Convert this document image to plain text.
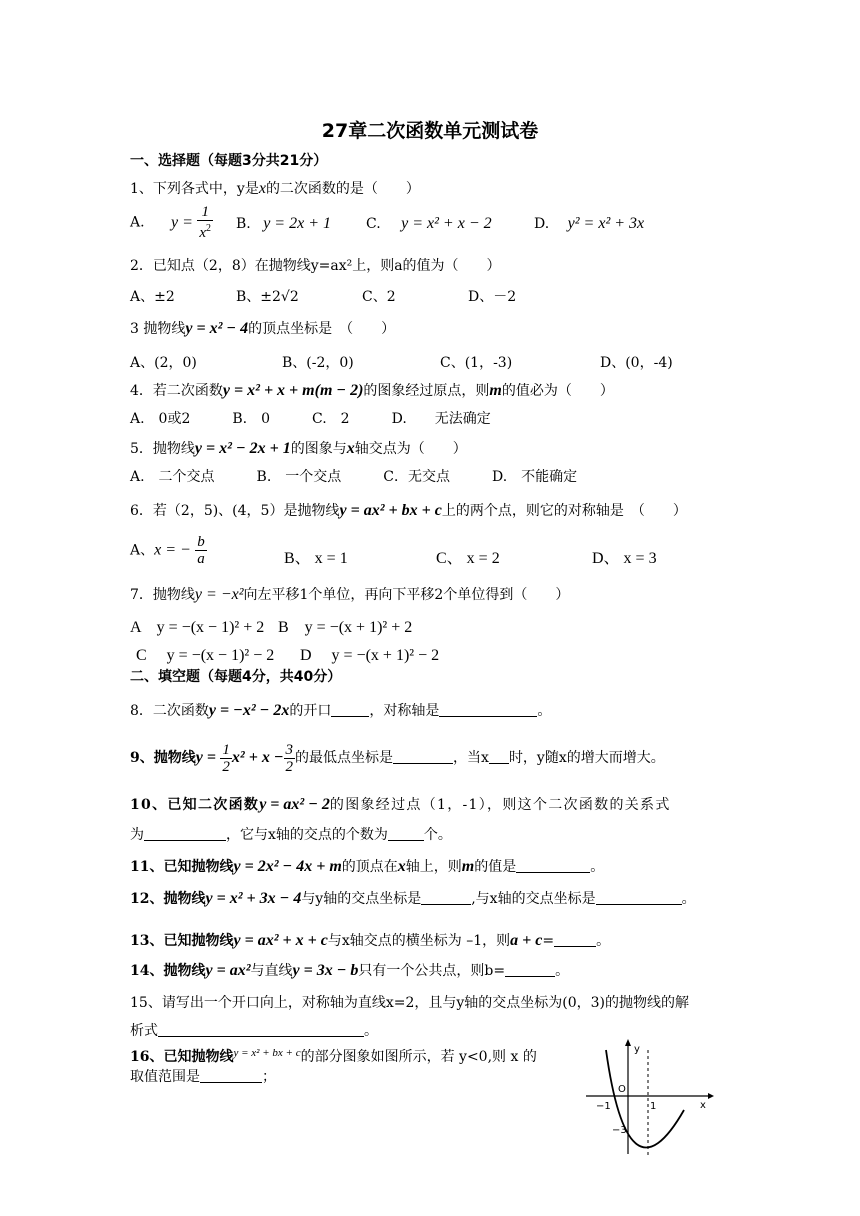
27章二次函数单元测试卷
一、选择题（每题3分共21分）
1、下列各式中，y是x的二次函数的是（　　）
A. $y = \frac{1}{x^2} B$. y = 2x + 1	C. y = x² + x − 2	D. y² = x² + 3x
2．已知点（2，8）在抛物线y=ax²上，则a的值为（　　）
A、±2	B、±2√2	C、2	D、－2
3 抛物线y = x² − 4的顶点坐标是　（　　）
A、(2，0)	B、(-2，0)	C、(1，-3)	D、(0，-4)
4．若二次函数y = x² + x + m(m − 2)的图象经过原点，则m的值必为（　　）
A.　0或2　　　B.　0　　　C.　2　　　D.　　无法确定
5．抛物线y = x² − 2x + 1的图象与x轴交点为（　　）
A.　二个交点　　　B.　一个交点　　　C．无交点　　　D.　不能确定
6．若（2，5)、(4，5）是抛物线y = ax² + bx + c上的两个点，则它的对称轴是　（　　）
A、x = − $\frac{b}{a}$	B、 x = 1	C、 x = 2	D、 x = 3
7．抛物线y = −x²向左平移1个单位，再向下平移2个单位得到（　　）
A　y = −(x − 1)² + 2 B　y = −(x + 1)² + 2
C　 y = −(x − 1)² − 2 D　 y = −(x + 1)² − 2
二、填空题（每题4分，共40分）
8．二次函数y = −x² − 2x的开口	，对称轴是	。
9、抛物线$y = \frac{1}{2} x^2 + x - \frac{3}{2}$ 的最低点坐标是	，当x 时，y随x的增大而增大。
10、已知二次函数y = ax² − 2的图象经过点（1，-1），则这个二次函数的关系式
为	，它与x轴的交点的个数为	个。
11、已知抛物线y = 2x² − 4x + m的顶点在x轴上，则m的值是	。
12、抛物线y = x² + 3x − 4与y轴的交点坐标是	,与x轴的交点坐标是	。
13、已知抛物线y = ax² + x + c与x轴交点的横坐标为 –1，则a + c=	。
14、抛物线y = ax²与直线y = 3x − b只有一个公共点，则b=	。
15、请写出一个开口向上，对称轴为直线x=2，且与y轴的交点坐标为(0，3)的抛物线的解
析式	。
16、已知抛物线$^{y = x^2 + bx + c}$的部分图象如图所示，若 y<0,则 x 的
取值范围是	；
y
x
O
−1	1
−3
